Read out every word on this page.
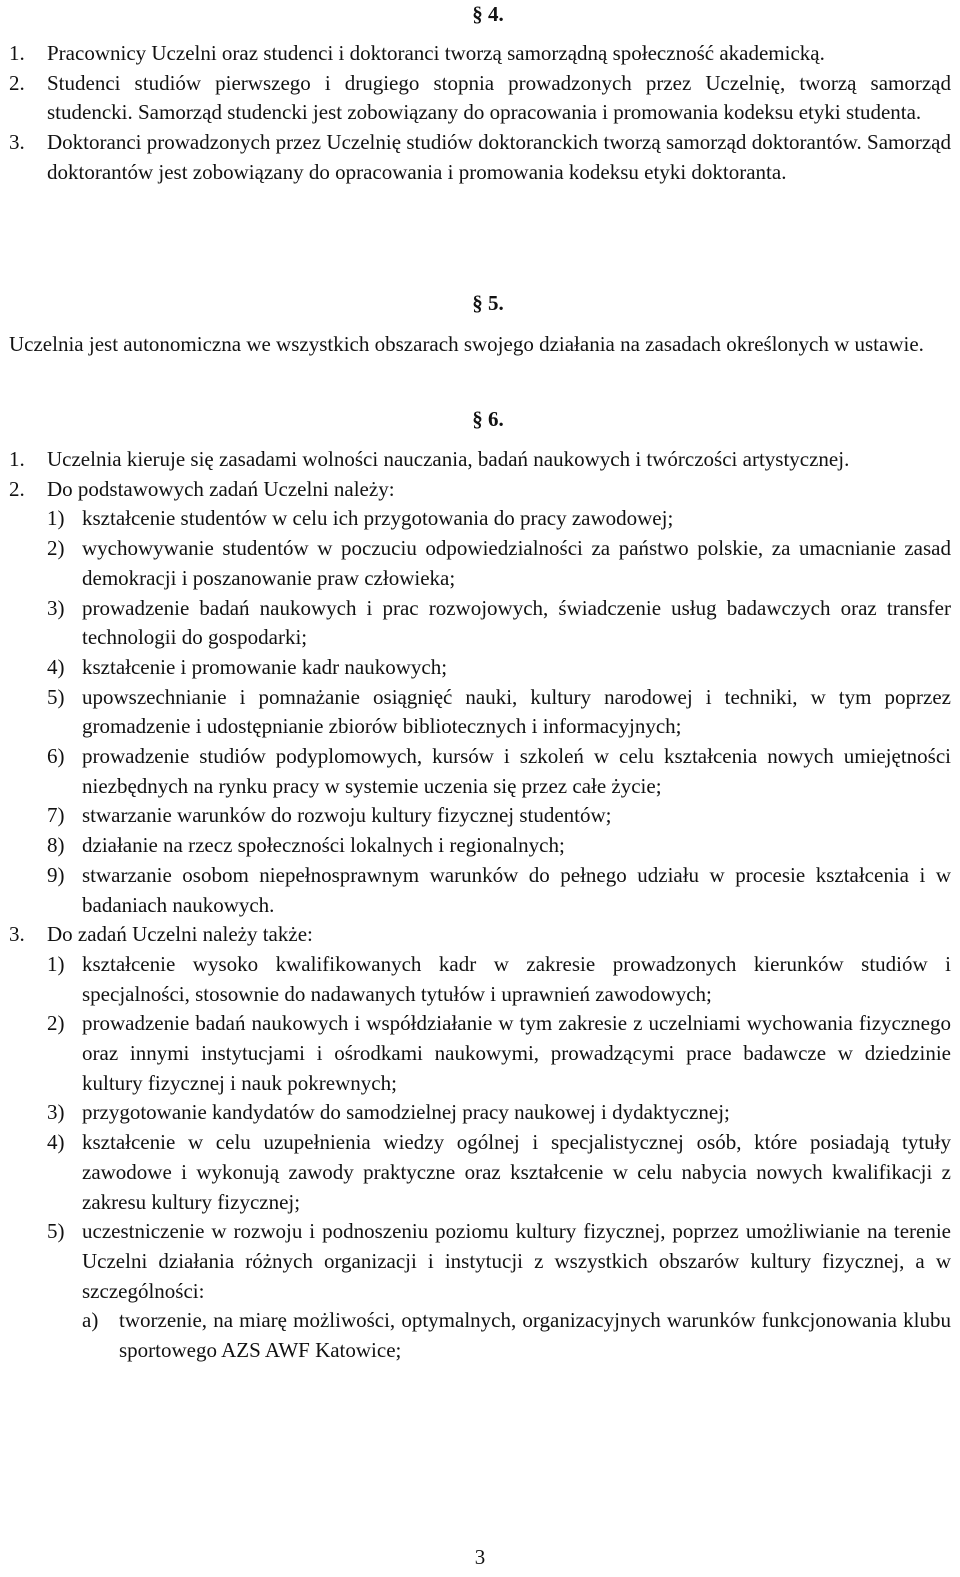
§ 4.
1.	Pracownicy Uczelni oraz studenci i doktoranci tworzą samorządną społeczność akademicką.
2.	Studenci studiów pierwszego i drugiego stopnia prowadzonych przez Uczelnię, tworzą samorząd studencki. Samorząd studencki jest zobowiązany do opracowania i promowania kodeksu etyki studenta.
3.	Doktoranci prowadzonych przez Uczelnię studiów doktoranckich tworzą samorząd doktorantów. Samorząd doktorantów jest zobowiązany do opracowania i promowania kodeksu etyki doktoranta.
§ 5.
Uczelnia jest autonomiczna we wszystkich obszarach swojego działania na zasadach określonych w ustawie.
§ 6.
1.	Uczelnia kieruje się zasadami wolności nauczania, badań naukowych i twórczości artystycznej.
2.	Do podstawowych zadań Uczelni należy:
1) kształcenie studentów w celu ich przygotowania do pracy zawodowej;
2) wychowywanie studentów w poczuciu odpowiedzialności za państwo polskie, za umacnianie zasad demokracji i poszanowanie praw człowieka;
3) prowadzenie badań naukowych i prac rozwojowych, świadczenie usług badawczych oraz transfer technologii do gospodarki;
4) kształcenie i promowanie kadr naukowych;
5) upowszechnianie i pomnażanie osiągnięć nauki, kultury narodowej i techniki, w tym poprzez gromadzenie i udostępnianie zbiorów bibliotecznych i informacyjnych;
6) prowadzenie studiów podyplomowych, kursów i szkoleń w celu kształcenia nowych umiejętności niezbędnych na rynku pracy w systemie uczenia się przez całe życie;
7) stwarzanie warunków do rozwoju kultury fizycznej studentów;
8) działanie na rzecz społeczności lokalnych i regionalnych;
9) stwarzanie osobom niepełnosprawnym warunków do pełnego udziału w procesie kształcenia i w badaniach naukowych.
3.	Do zadań Uczelni należy także:
1) kształcenie wysoko kwalifikowanych kadr w zakresie prowadzonych kierunków studiów i specjalności, stosownie do nadawanych tytułów i uprawnień zawodowych;
2) prowadzenie badań naukowych i współdziałanie w tym zakresie z uczelniami wychowania fizycznego oraz innymi instytucjami i ośrodkami naukowymi, prowadzącymi prace badawcze w dziedzinie kultury fizycznej i nauk pokrewnych;
3) przygotowanie kandydatów do samodzielnej pracy naukowej i dydaktycznej;
4) kształcenie w celu uzupełnienia wiedzy ogólnej i specjalistycznej osób, które posiadają tytuły zawodowe i wykonują zawody praktyczne oraz kształcenie w celu nabycia nowych kwalifikacji z zakresu kultury fizycznej;
5) uczestniczenie w rozwoju i podnoszeniu poziomu kultury fizycznej, poprzez umożliwianie na terenie Uczelni działania różnych organizacji i instytucji z wszystkich obszarów kultury fizycznej, a w szczególności:
a) tworzenie, na miarę możliwości, optymalnych, organizacyjnych warunków funkcjonowania klubu sportowego AZS AWF Katowice;
3
